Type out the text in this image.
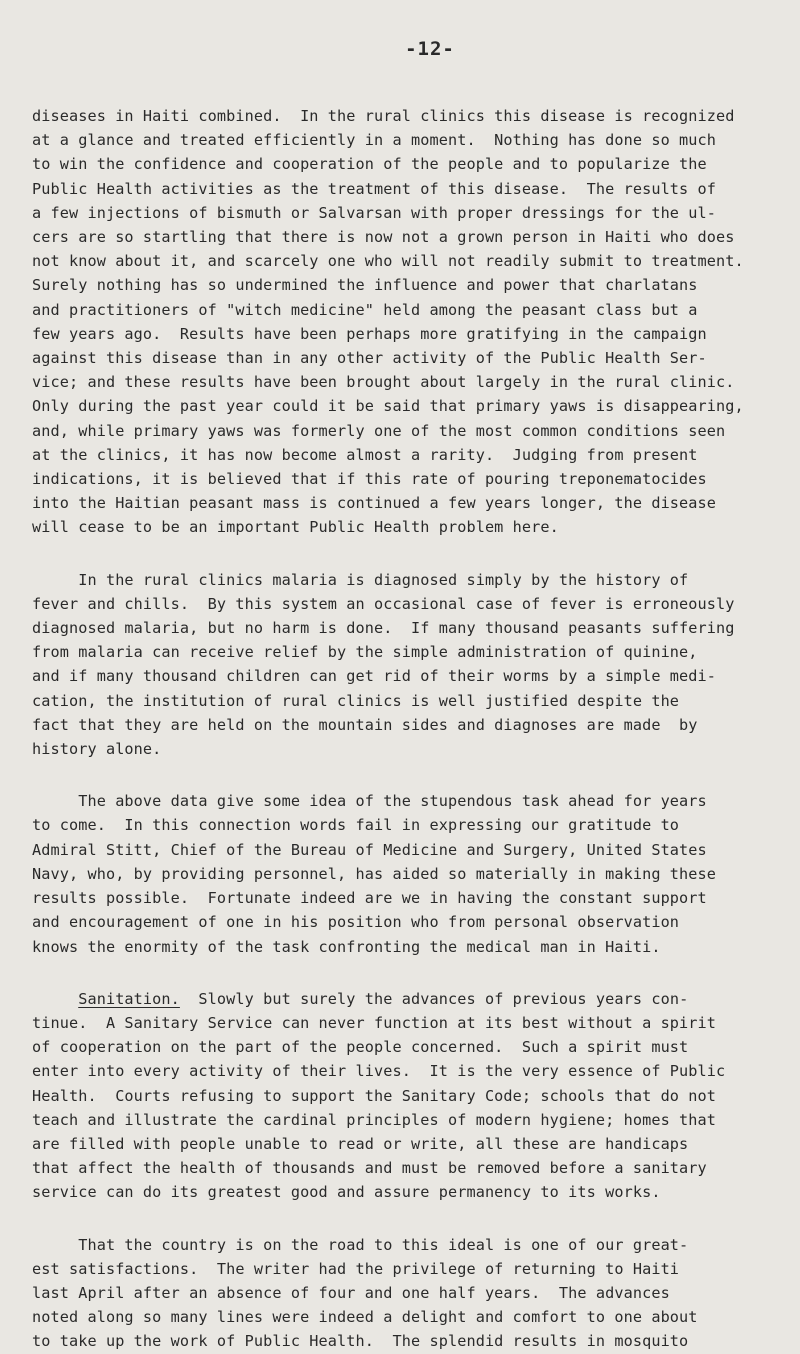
-12-
diseases in Haiti combined.  In the rural clinics this disease is recognized
at a glance and treated efficiently in a moment.  Nothing has done so much
to win the confidence and cooperation of the people and to popularize the
Public Health activities as the treatment of this disease.  The results of
a few injections of bismuth or Salvarsan with proper dressings for the ul-
cers are so startling that there is now not a grown person in Haiti who does
not know about it, and scarcely one who will not readily submit to treatment.
Surely nothing has so undermined the influence and power that charlatans
and practitioners of "witch medicine" held among the peasant class but a
few years ago.  Results have been perhaps more gratifying in the campaign
against this disease than in any other activity of the Public Health Ser-
vice; and these results have been brought about largely in the rural clinic.
Only during the past year could it be said that primary yaws is disappearing,
and, while primary yaws was formerly one of the most common conditions seen
at the clinics, it has now become almost a rarity.  Judging from present
indications, it is believed that if this rate of pouring treponematocides
into the Haitian peasant mass is continued a few years longer, the disease
will cease to be an important Public Health problem here.
In the rural clinics malaria is diagnosed simply by the history of
fever and chills.  By this system an occasional case of fever is erroneously
diagnosed malaria, but no harm is done.  If many thousand peasants suffering
from malaria can receive relief by the simple administration of quinine,
and if many thousand children can get rid of their worms by a simple medi-
cation, the institution of rural clinics is well justified despite the
fact that they are held on the mountain sides and diagnoses are made  by
history alone.
The above data give some idea of the stupendous task ahead for years
to come.  In this connection words fail in expressing our gratitude to
Admiral Stitt, Chief of the Bureau of Medicine and Surgery, United States
Navy, who, by providing personnel, has aided so materially in making these
results possible.  Fortunate indeed are we in having the constant support
and encouragement of one in his position who from personal observation
knows the enormity of the task confronting the medical man in Haiti.
Sanitation.  Slowly but surely the advances of previous years con-
tinue.  A Sanitary Service can never function at its best without a spirit
of cooperation on the part of the people concerned.  Such a spirit must
enter into every activity of their lives.  It is the very essence of Public
Health.  Courts refusing to support the Sanitary Code; schools that do not
teach and illustrate the cardinal principles of modern hygiene; homes that
are filled with people unable to read or write, all these are handicaps
that affect the health of thousands and must be removed before a sanitary
service can do its greatest good and assure permanency to its works.
That the country is on the road to this ideal is one of our great-
est satisfactions.  The writer had the privilege of returning to Haiti
last April after an absence of four and one half years.  The advances
noted along so many lines were indeed a delight and comfort to one about
to take up the work of Public Health.  The splendid results in mosquito
